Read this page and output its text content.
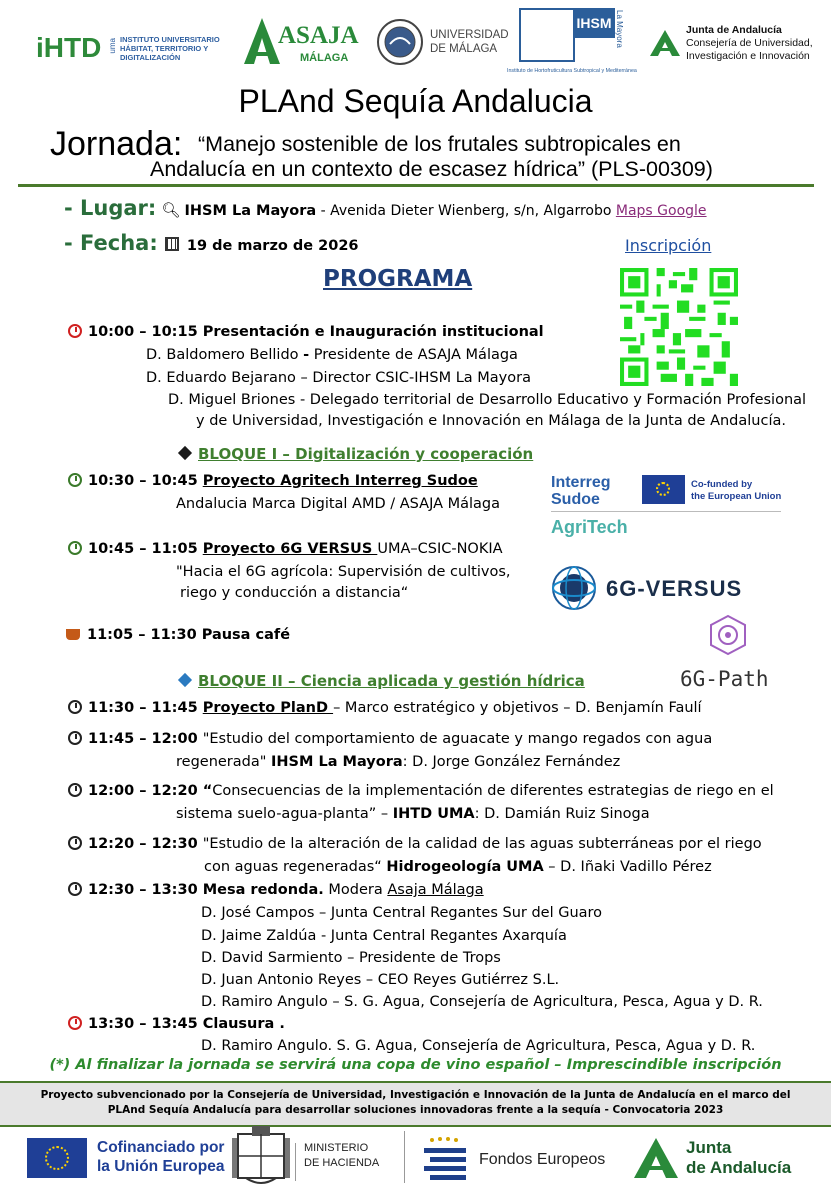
iHTD uma INSTITUTO UNIVERSITARIO
HÁBITAT, TERRITORIO Y
DIGITALIZACIÓN
ASAJA
MÁLAGA
UNIVERSIDAD
DE MÁLAGA
IHSM La Mayora
Instituto de Hortofruticultura Subtropical y Mediterránea
Junta de Andalucía
Consejería de Universidad,
Investigación e Innovación
PLAnd Sequía Andalucia
Jornada: “Manejo sostenible de los frutales subtropicales en
Andalucía en un contexto de escasez hídrica” (PLS-00309)
- Lugar: 🔍︎ IHSM La Mayora - Avenida Dieter Wienberg, s/n, Algarrobo Maps Google
- Fecha: 19 de marzo de 2026	Inscripción
PROGRAMA
10:00 – 10:15 Presentación e Inauguración institucional
D. Baldomero Bellido - Presidente de ASAJA Málaga
D. Eduardo Bejarano – Director CSIC-IHSM La Mayora
D. Miguel Briones - Delegado territorial de Desarrollo Educativo y Formación Profesional
y de Universidad, Investigación e Innovación en Málaga de la Junta de Andalucía.
BLOQUE I – Digitalización y cooperación
10:30 – 10:45 Proyecto Agritech Interreg Sudoe
Andalucia Marca Digital AMD / ASAJA Málaga
10:45 – 11:05 Proyecto 6G VERSUS UMA–CSIC-NOKIA
"Hacia el 6G agrícola: Supervisión de cultivos,
riego y conducción a distancia“
11:05 – 11:30 Pausa café
BLOQUE II – Ciencia aplicada y gestión hídrica
11:30 – 11:45 Proyecto PlanD – Marco estratégico y objetivos – D. Benjamín Faulí
11:45 – 12:00 "Estudio del comportamiento de aguacate y mango regados con agua
regenerada" IHSM La Mayora: D. Jorge González Fernández
12:00 – 12:20 “Consecuencias de la implementación de diferentes estrategias de riego en el
sistema suelo-agua-planta” – IHTD UMA: D. Damián Ruiz Sinoga
12:20 – 12:30 "Estudio de la alteración de la calidad de las aguas subterráneas por el riego
con aguas regeneradas“ Hidrogeología UMA – D. Iñaki Vadillo Pérez
12:30 – 13:30 Mesa redonda. Modera Asaja Málaga
D. José Campos – Junta Central Regantes Sur del Guaro
D. Jaime Zaldúa - Junta Central Regantes Axarquía
D. David Sarmiento – Presidente de Trops
D. Juan Antonio Reyes – CEO Reyes Gutiérrez S.L.
D. Ramiro Angulo – S. G. Agua, Consejería de Agricultura, Pesca, Agua y D. R.
13:30 – 13:45 Clausura .
D. Ramiro Angulo. S. G. Agua, Consejería de Agricultura, Pesca, Agua y D. R.
(*) Al finalizar la jornada se servirá una copa de vino español – Imprescindible inscripción
Interreg
Sudoe
Co-funded by
the European Union
AgriTech
6G-VERSUS
6G-Path
Proyecto subvencionado por la Consejería de Universidad, Investigación e Innovación de la Junta de Andalucía en el marco del
PLAnd Sequía Andalucía para desarrollar soluciones innovadoras frente a la sequía - Convocatoria 2023
Cofinanciado por
la Unión Europea
MINISTERIO
DE HACIENDA	Fondos Europeos
Junta
de Andalucía
